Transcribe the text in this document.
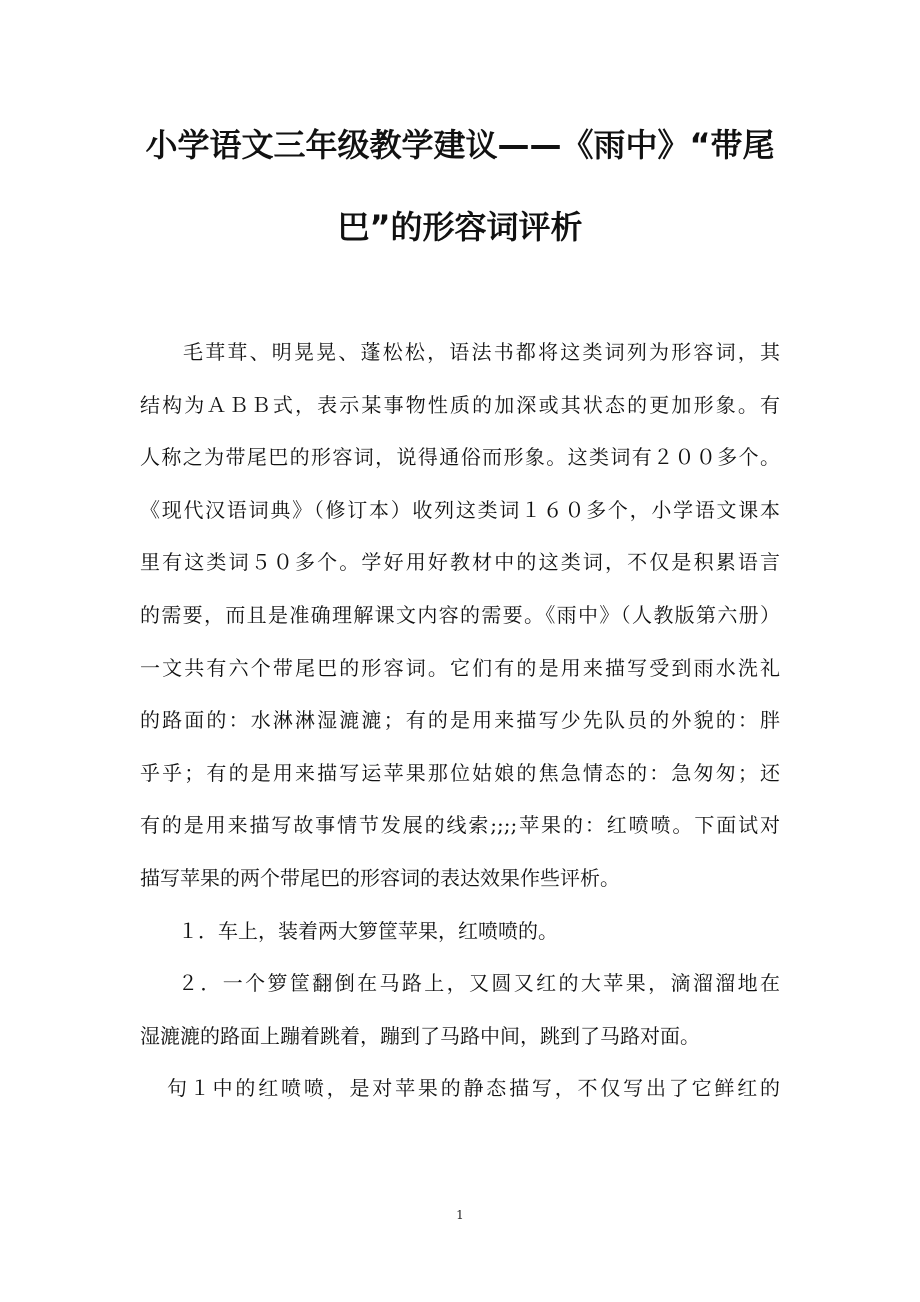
小学语文三年级教学建议——《雨中》“带尾
巴”的形容词评析
毛茸茸、明晃晃、蓬松松，语法书都将这类词列为形容词，其
结构为ＡＢＢ式，表示某事物性质的加深或其状态的更加形象。有
人称之为带尾巴的形容词，说得通俗而形象。这类词有２００多个。
《现代汉语词典》（修订本）收列这类词１６０多个，小学语文课本
里有这类词５０多个。学好用好教材中的这类词，不仅是积累语言
的需要，而且是准确理解课文内容的需要。《雨中》（人教版第六册）
一文共有六个带尾巴的形容词。它们有的是用来描写受到雨水洗礼
的路面的：水淋淋湿漉漉；有的是用来描写少先队员的外貌的：胖
乎乎；有的是用来描写运苹果那位姑娘的焦急情态的：急匆匆；还
有的是用来描写故事情节发展的线索;;;;苹果的：红喷喷。下面试对
描写苹果的两个带尾巴的形容词的表达效果作些评析。
１．车上，装着两大箩筐苹果，红喷喷的。
２．一个箩筐翻倒在马路上，又圆又红的大苹果，滴溜溜地在
湿漉漉的路面上蹦着跳着，蹦到了马路中间，跳到了马路对面。
句１中的红喷喷，是对苹果的静态描写，不仅写出了它鲜红的
1
